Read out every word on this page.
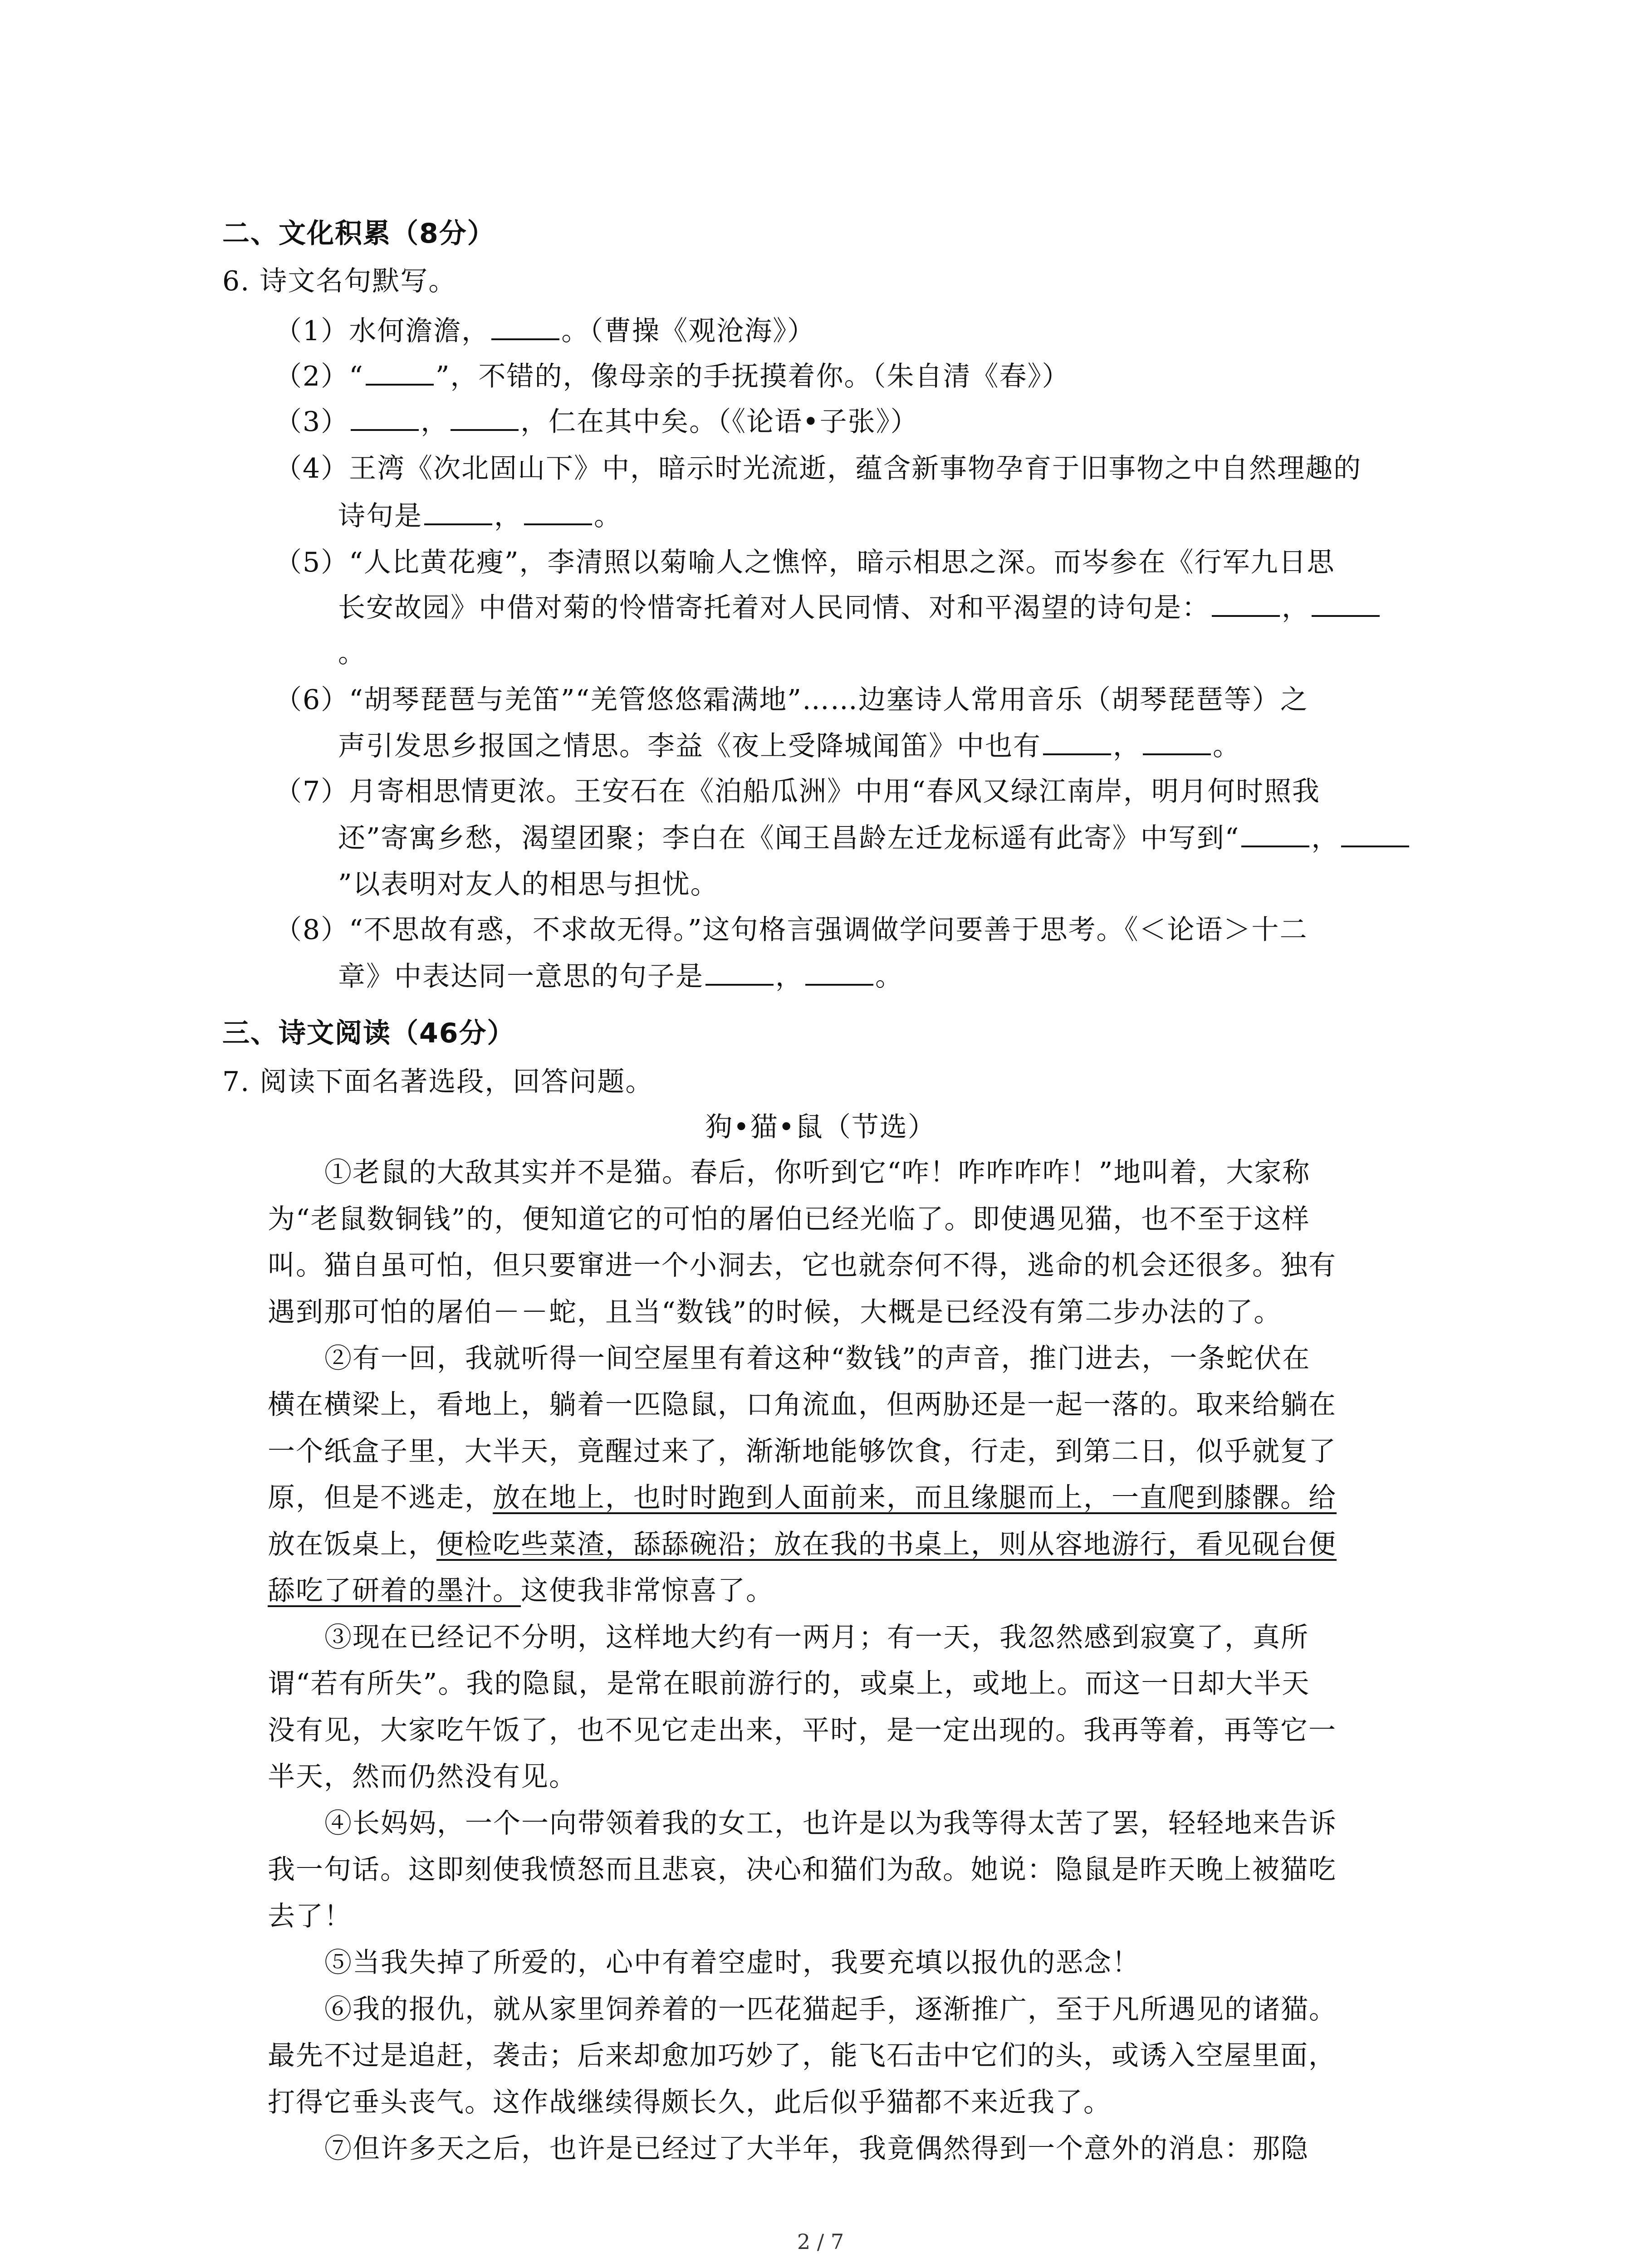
二、文化积累（8分）
6. 诗文名句默写。
（1）水何澹澹，	。（曹操《观沧海》）
（2）“	”，不错的，像母亲的手抚摸着你。（朱自清《春》）
（3）	，	，仁在其中矣。（《论语•子张》）
（4）王湾《次北固山下》中，暗示时光流逝，蕴含新事物孕育于旧事物之中自然理趣的
诗句是	，	。
（5）“人比黄花瘦”，李清照以菊喻人之憔悴，暗示相思之深。而岑参在《行军九日思
长安故园》中借对菊的怜惜寄托着对人民同情、对和平渴望的诗句是：	，
。
（6）“胡琴琵琶与羌笛”“羌管悠悠霜满地”……边塞诗人常用音乐（胡琴琵琶等）之
声引发思乡报国之情思。李益《夜上受降城闻笛》中也有	，	。
（7）月寄相思情更浓。王安石在《泊船瓜洲》中用“春风又绿江南岸，明月何时照我
还”寄寓乡愁，渴望团聚；李白在《闻王昌龄左迁龙标遥有此寄》中写到“	，
”以表明对友人的相思与担忧。
（8）“不思故有惑，不求故无得。”这句格言强调做学问要善于思考。《＜论语＞十二
章》中表达同一意思的句子是	，	。
三、诗文阅读（46分）
7. 阅读下面名著选段，回答问题。
狗•猫•鼠（节选）
①老鼠的大敌其实并不是猫。春后，你听到它“咋！咋咋咋咋！”地叫着，大家称
为“老鼠数铜钱”的，便知道它的可怕的屠伯已经光临了。即使遇见猫，也不至于这样
叫。猫自虽可怕，但只要窜进一个小洞去，它也就奈何不得，逃命的机会还很多。独有
遇到那可怕的屠伯－－蛇，且当“数钱”的时候，大概是已经没有第二步办法的了。
②有一回，我就听得一间空屋里有着这种“数钱”的声音，推门进去，一条蛇伏在
横在横梁上，看地上，躺着一匹隐鼠，口角流血，但两胁还是一起一落的。取来给躺在
一个纸盒子里，大半天，竟醒过来了，渐渐地能够饮食，行走，到第二日，似乎就复了
原，但是不逃走，放在地上，也时时跑到人面前来，而且缘腿而上，一直爬到膝髁。给
放在饭桌上，便检吃些菜渣，舔舔碗沿；放在我的书桌上，则从容地游行，看见砚台便
舔吃了研着的墨汁。这使我非常惊喜了。
③现在已经记不分明，这样地大约有一两月；有一天，我忽然感到寂寞了，真所
谓“若有所失”。我的隐鼠，是常在眼前游行的，或桌上，或地上。而这一日却大半天
没有见，大家吃午饭了，也不见它走出来，平时，是一定出现的。我再等着，再等它一
半天，然而仍然没有见。
④长妈妈，一个一向带领着我的女工，也许是以为我等得太苦了罢，轻轻地来告诉
我一句话。这即刻使我愤怒而且悲哀，决心和猫们为敌。她说：隐鼠是昨天晚上被猫吃
去了！
⑤当我失掉了所爱的，心中有着空虚时，我要充填以报仇的恶念！
⑥我的报仇，就从家里饲养着的一匹花猫起手，逐渐推广，至于凡所遇见的诸猫。
最先不过是追赶，袭击；后来却愈加巧妙了，能飞石击中它们的头，或诱入空屋里面，
打得它垂头丧气。这作战继续得颇长久，此后似乎猫都不来近我了。
⑦但许多天之后，也许是已经过了大半年，我竟偶然得到一个意外的消息：那隐
2 / 7
